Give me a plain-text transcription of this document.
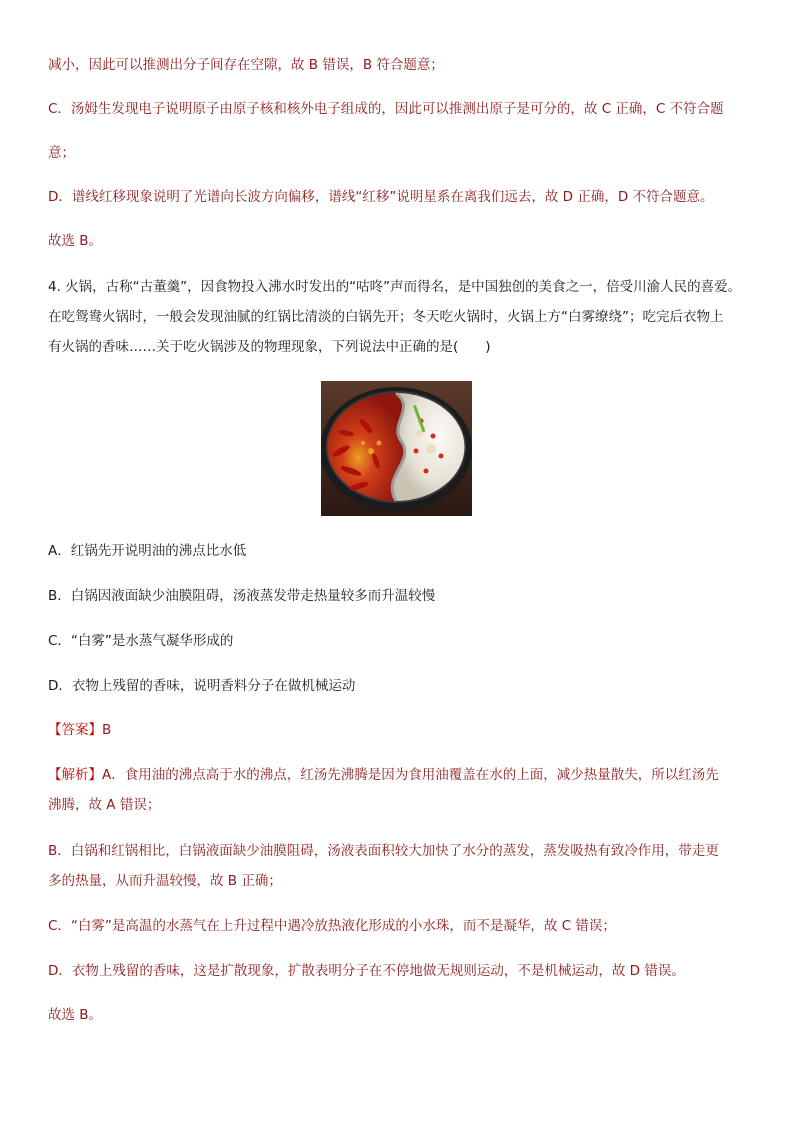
减小，因此可以推测出分子间存在空隙，故 B 错误，B 符合题意；
C．汤姆生发现电子说明原子由原子核和核外电子组成的，因此可以推测出原子是可分的，故 C 正确，C 不符合题
意；
D．谱线红移现象说明了光谱向长波方向偏移，谱线“红移”说明星系在离我们远去，故 D 正确，D 不符合题意。
故选 B。
4. 火锅，古称“古董羹”，因食物投入沸水时发出的“咕咚”声而得名，是中国独创的美食之一，倍受川渝人民的喜爱。
在吃鸳鸯火锅时，一般会发现油腻的红锅比清淡的白锅先开；冬天吃火锅时，火锅上方“白雾缭绕”；吃完后衣物上
有火锅的香味……关于吃火锅涉及的物理现象，下列说法中正确的是(　　)
A．红锅先开说明油的沸点比水低
B．白锅因液面缺少油膜阻碍，汤液蒸发带走热量较多而升温较慢
C．“白雾”是水蒸气凝华形成的
D．衣物上残留的香味，说明香料分子在做机械运动
【答案】B
【解析】A．食用油的沸点高于水的沸点，红汤先沸腾是因为食用油覆盖在水的上面，减少热量散失，所以红汤先
沸腾，故 A 错误；
B．白锅和红锅相比，白锅液面缺少油膜阻碍，汤液表面积较大加快了水分的蒸发，蒸发吸热有致冷作用，带走更
多的热量，从而升温较慢，故 B 正确；
C．“白雾”是高温的水蒸气在上升过程中遇冷放热液化形成的小水珠，而不是凝华，故 C 错误；
D．衣物上残留的香味，这是扩散现象，扩散表明分子在不停地做无规则运动，不是机械运动，故 D 错误。
故选 B。
